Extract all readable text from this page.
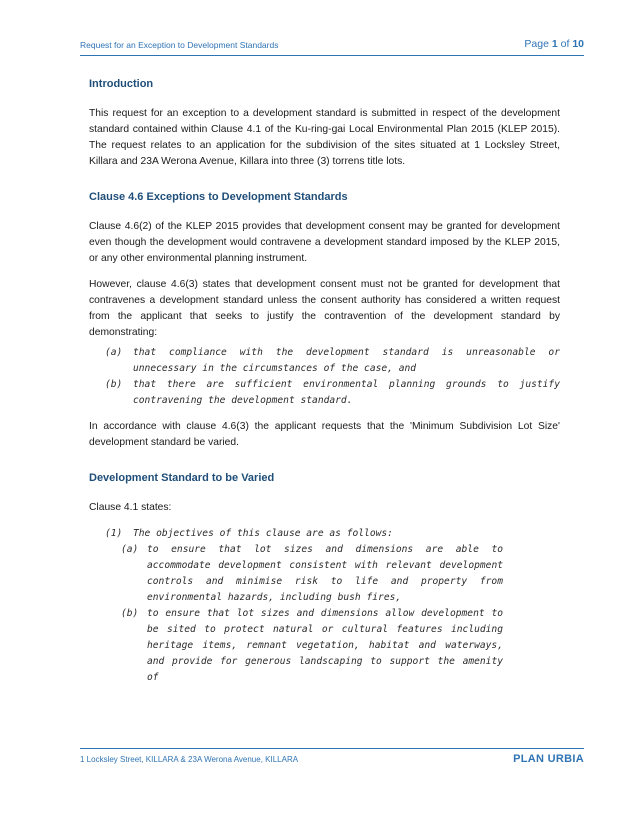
Request for an Exception to Development Standards	Page 1 of 10
Introduction

This request for an exception to a development standard is submitted in respect of the development standard contained within Clause 4.1 of the Ku-ring-gai Local Environmental Plan 2015 (KLEP 2015). The request relates to an application for the subdivision of the sites situated at 1 Locksley Street, Killara and 23A Werona Avenue, Killara into three (3) torrens title lots.

Clause 4.6 Exceptions to Development Standards

Clause 4.6(2) of the KLEP 2015 provides that development consent may be granted for development even though the development would contravene a development standard imposed by the KLEP 2015, or any other environmental planning instrument.

However, clause 4.6(3) states that development consent must not be granted for development that contravenes a development standard unless the consent authority has considered a written request from the applicant that seeks to justify the contravention of the development standard by demonstrating:

(a)	that compliance with the development standard is unreasonable or unnecessary in the circumstances of the case, and
(b)	that there are sufficient environmental planning grounds to justify contravening the development standard.

In accordance with clause 4.6(3) the applicant requests that the 'Minimum Subdivision Lot Size' development standard be varied.

Development Standard to be Varied

Clause 4.1 states:

(1)	The objectives of this clause are as follows:
(a) to ensure that lot sizes and dimensions are able to accommodate development consistent with relevant development controls and minimise risk to life and property from environmental hazards, including bush fires,
(b) to ensure that lot sizes and dimensions allow development to be sited to protect natural or cultural features including heritage items, remnant vegetation, habitat and waterways, and provide for generous landscaping to support the amenity of
1 Locksley Street, KILLARA & 23A Werona Avenue, KILLARA	PLAN URBIA
